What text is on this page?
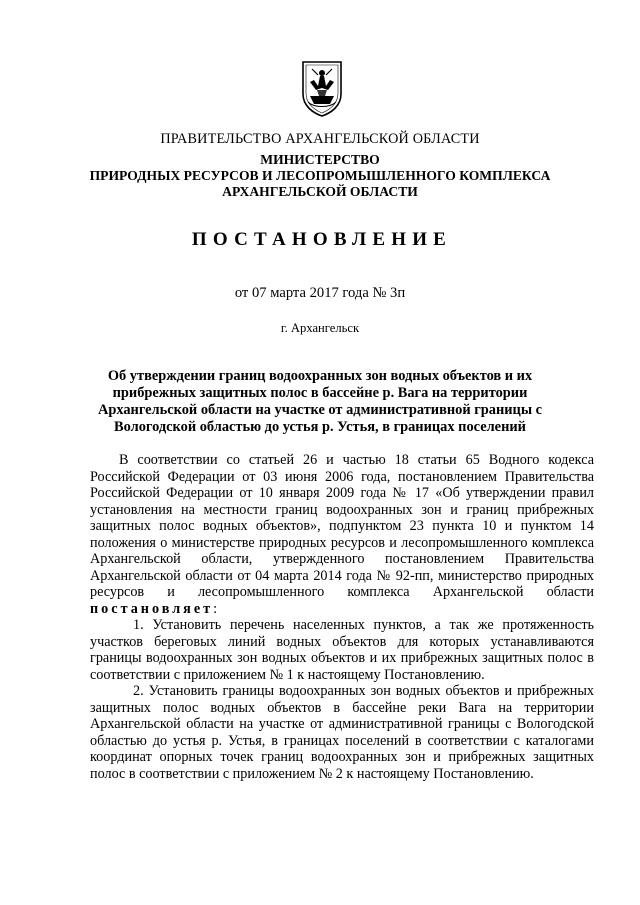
ПРАВИТЕЛЬСТВО АРХАНГЕЛЬСКОЙ ОБЛАСТИ
МИНИСТЕРСТВО
ПРИРОДНЫХ РЕСУРСОВ И ЛЕСОПРОМЫШЛЕННОГО КОМПЛЕКСА
АРХАНГЕЛЬСКОЙ ОБЛАСТИ
ПОСТАНОВЛЕНИЕ
от 07 марта 2017 года № 3п
г. Архангельск
Об утверждении границ водоохранных зон водных объектов и их
прибрежных защитных полос в бассейне р. Вага на территории
Архангельской области на участке от административной границы с
Вологодской областью до устья р. Устья, в границах поселений

В соответствии со статьей 26 и частью 18 статьи 65 Водного кодекса Российской Федерации от 03 июня 2006 года, постановлением Правительства Российской Федерации от 10 января 2009 года № 17 «Об утверждении правил установления на местности границ водоохранных зон и границ прибрежных защитных полос водных объектов», подпунктом 23 пункта 10 и пунктом 14 положения о министерстве природных ресурсов и лесопромышленного комплекса Архангельской области, утвержденного постановлением Правительства Архангельской области от 04 марта 2014 года № 92-пп, министерство природных ресурсов и лесопромышленного комплекса Архангельской области постановляет:

1. Установить перечень населенных пунктов, а так же протяженность участков береговых линий водных объектов для которых устанавливаются границы водоохранных зон водных объектов и их прибрежных защитных полос в соответствии с приложением № 1 к настоящему Постановлению.

2. Установить границы водоохранных зон водных объектов и прибрежных защитных полос водных объектов в бассейне реки Вага на территории Архангельской области на участке от административной границы с Вологодской областью до устья р. Устья, в границах поселений в соответствии с каталогами координат опорных точек границ водоохранных зон и прибрежных защитных полос в соответствии с приложением № 2 к настоящему Постановлению.
